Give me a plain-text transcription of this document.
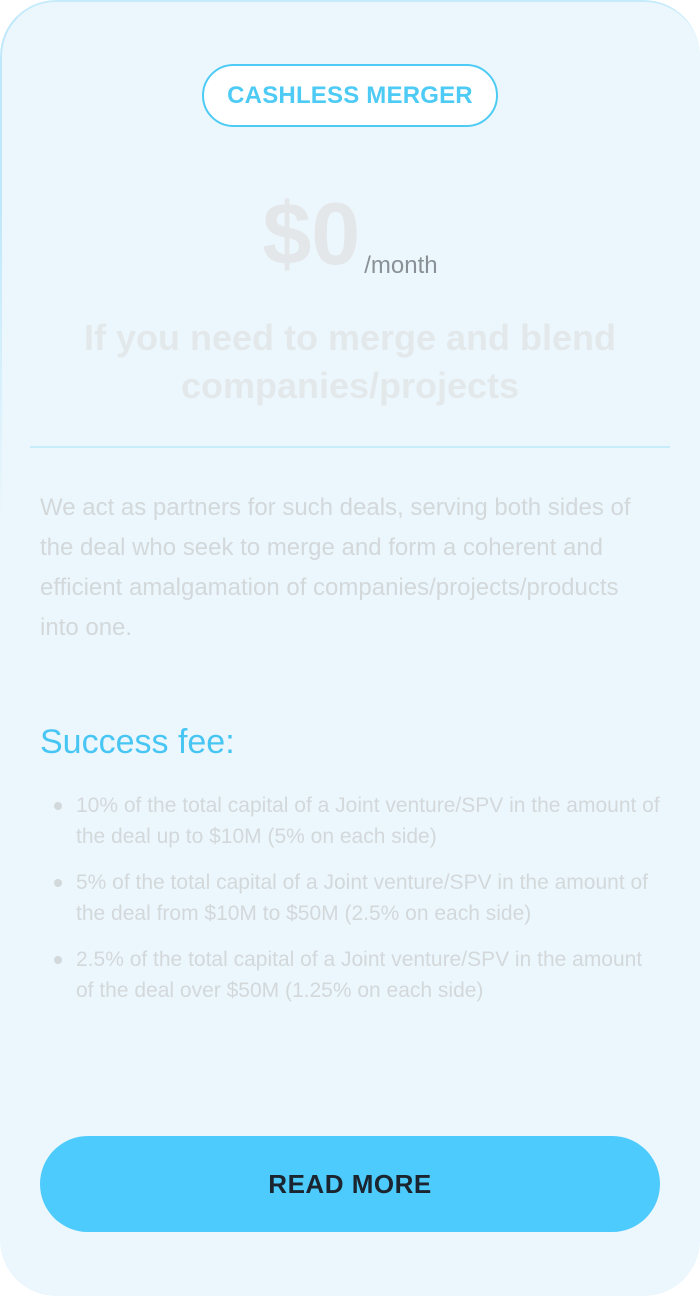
CASHLESS MERGER
$0 /month
If you need to merge and blend companies/projects

We act as partners for such deals, serving both sides of the deal who seek to merge and form a coherent and efficient amalgamation of companies/projects/products into one.

Success fee:
10% of the total capital of a Joint venture/SPV in the amount of the deal up to $10M (5% on each side)
5% of the total capital of a Joint venture/SPV in the amount of the deal from $10M to $50M (2.5% on each side)
2.5% of the total capital of a Joint venture/SPV in the amount of the deal over $50M (1.25% on each side)
READ MORE
